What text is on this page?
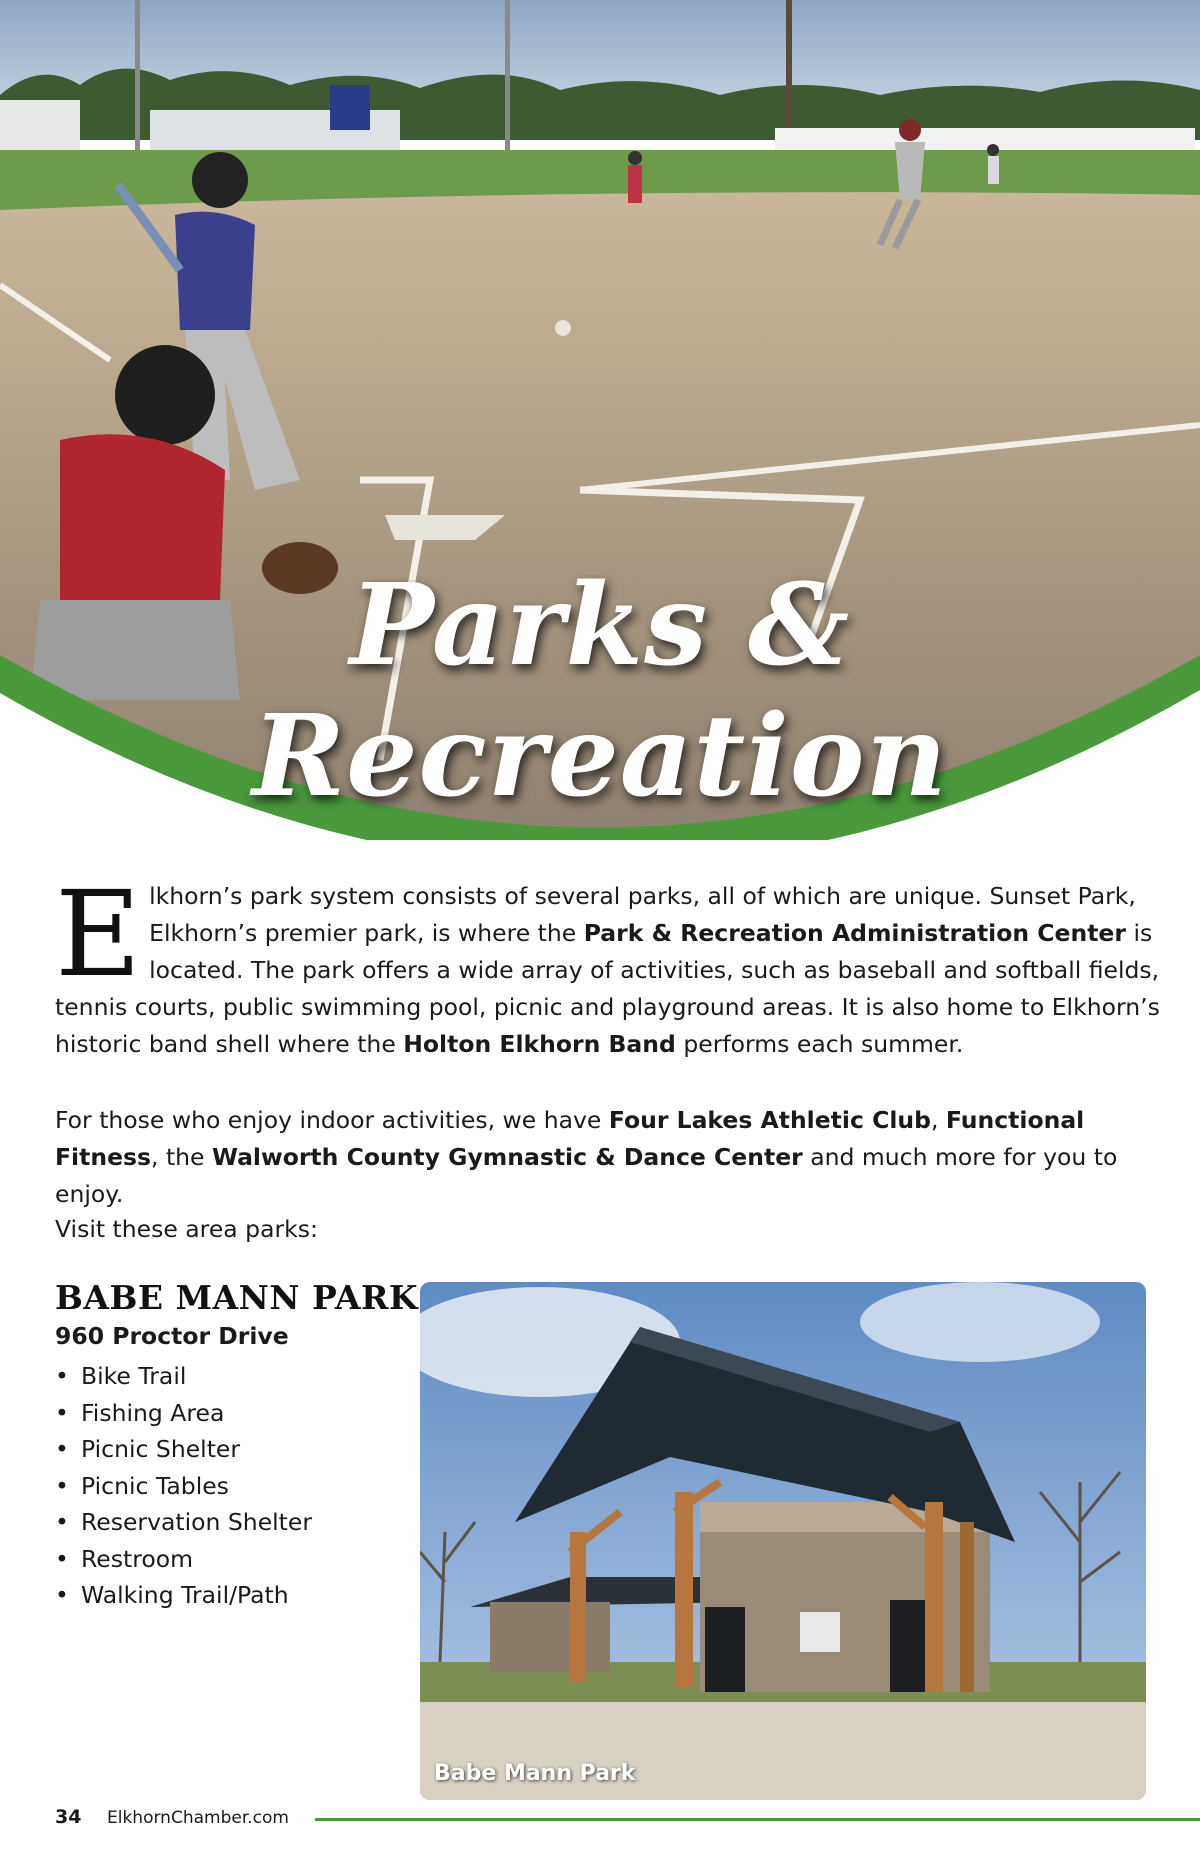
Parks & Recreation
E lkhorn’s park system consists of several parks, all of which are unique. Sunset Park, Elkhorn’s premier park, is where the Park & Recreation Administration Center is located. The park offers a wide array of activities, such as baseball and softball fields, tennis courts, public swimming pool, picnic and playground areas. It is also home to Elkhorn’s historic band shell where the Holton Elkhorn Band performs each summer.

For those who enjoy indoor activities, we have Four Lakes Athletic Club, Functional Fitness, the Walworth County Gymnastic & Dance Center and much more for you to enjoy.

Visit these area parks:

BABE MANN PARK

960 Proctor Drive

• Bike Trail
• Fishing Area
• Picnic Shelter
• Picnic Tables
• Reservation Shelter
• Restroom
• Walking Trail/Path
Babe Mann Park
34 ElkhornChamber.com
